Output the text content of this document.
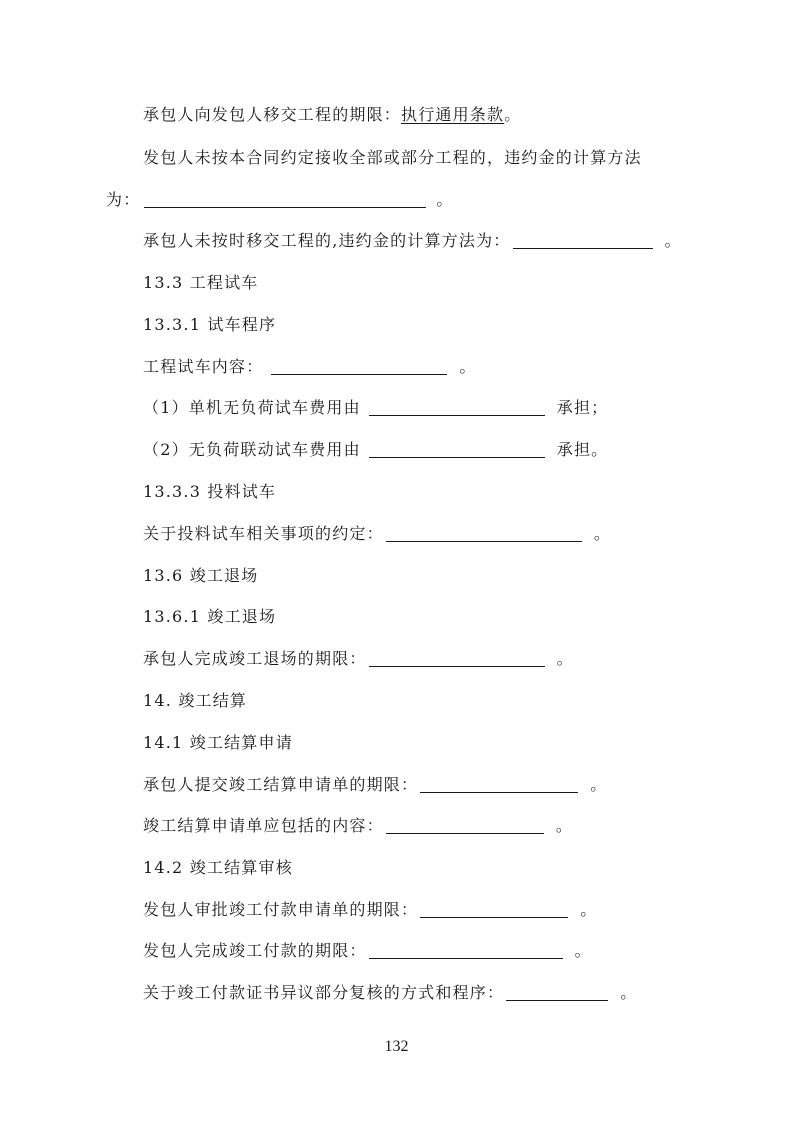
承包人向发包人移交工程的期限：执行通用条款。
发包人未按本合同约定接收全部或部分工程的，违约金的计算方法
为：	。
承包人未按时移交工程的,违约金的计算方法为：	。
13.3 工程试车
13.3.1 试车程序
工程试车内容：	。
（1）单机无负荷试车费用由	承担；
（2）无负荷联动试车费用由	承担。
13.3.3 投料试车
关于投料试车相关事项的约定：	。
13.6 竣工退场
13.6.1 竣工退场
承包人完成竣工退场的期限：	。
14. 竣工结算
14.1 竣工结算申请
承包人提交竣工结算申请单的期限：	。
竣工结算申请单应包括的内容：	。
14.2 竣工结算审核
发包人审批竣工付款申请单的期限：	。
发包人完成竣工付款的期限：	。
关于竣工付款证书异议部分复核的方式和程序：	。
132
